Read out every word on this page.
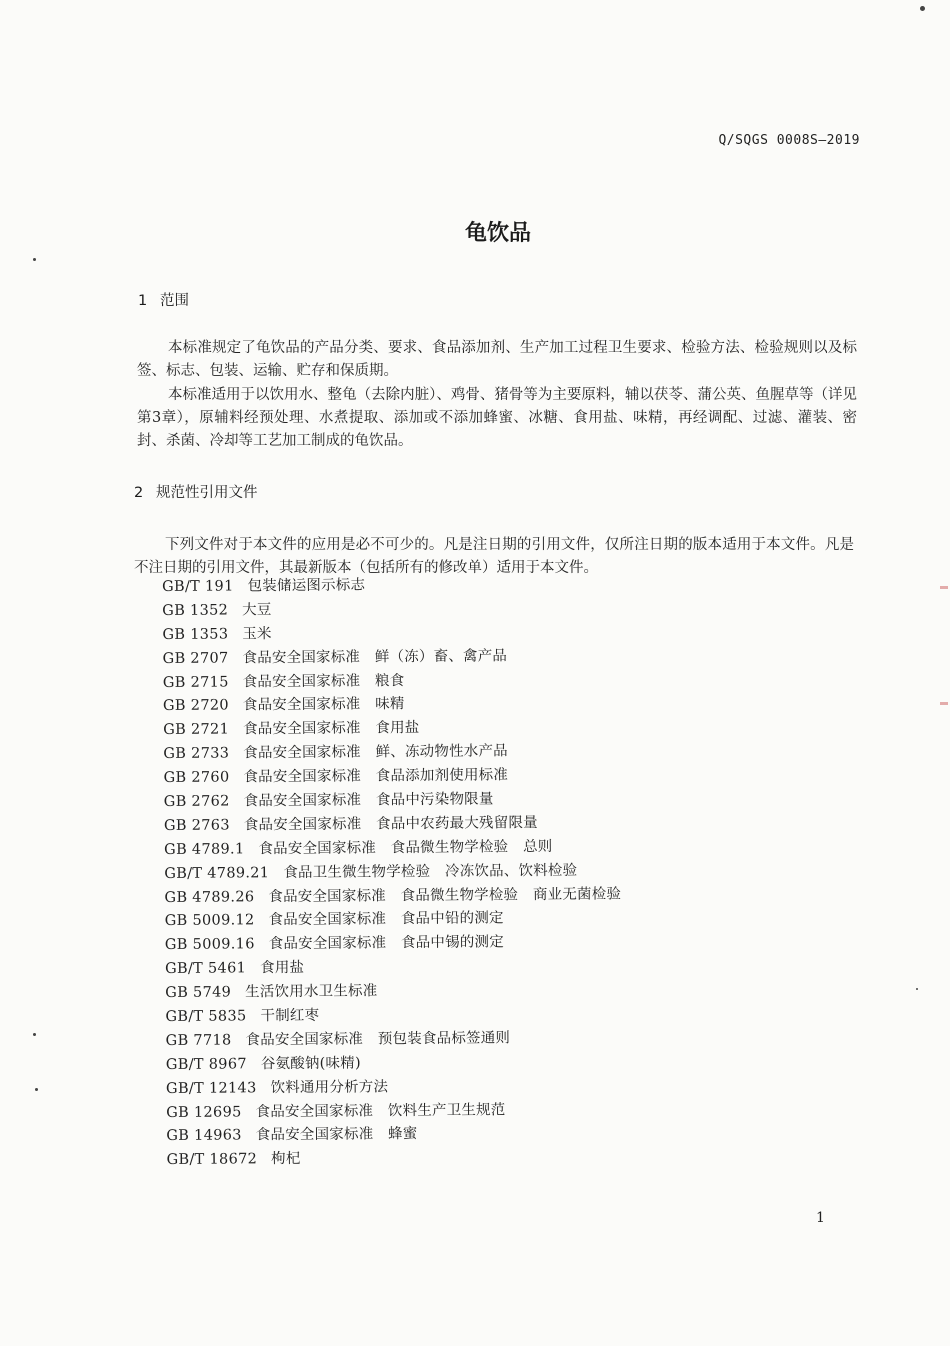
Q/SQGS 0008S—2019
龟饮品
1 范围
本标准规定了龟饮品的产品分类、要求、食品添加剂、生产加工过程卫生要求、检验方法、检验规则以及标签、标志、包装、运输、贮存和保质期。
本标准适用于以饮用水、整龟（去除内脏）、鸡骨、猪骨等为主要原料，辅以茯苓、蒲公英、鱼腥草等（详见第3章），原辅料经预处理、水煮提取、添加或不添加蜂蜜、冰糖、食用盐、味精，再经调配、过滤、灌装、密封、杀菌、冷却等工艺加工制成的龟饮品。
2 规范性引用文件
下列文件对于本文件的应用是必不可少的。凡是注日期的引用文件，仅所注日期的版本适用于本文件。凡是不注日期的引用文件，其最新版本（包括所有的修改单）适用于本文件。
GB/T 191 包装储运图示标志
GB 1352 大豆
GB 1353 玉米
GB 2707 食品安全国家标准　鲜（冻）畜、禽产品
GB 2715 食品安全国家标准　粮食
GB 2720 食品安全国家标准　味精
GB 2721 食品安全国家标准　食用盐
GB 2733 食品安全国家标准　鲜、冻动物性水产品
GB 2760 食品安全国家标准　食品添加剂使用标准
GB 2762 食品安全国家标准　食品中污染物限量
GB 2763 食品安全国家标准　食品中农药最大残留限量
GB 4789.1 食品安全国家标准　食品微生物学检验　总则
GB/T 4789.21 食品卫生微生物学检验　冷冻饮品、饮料检验
GB 4789.26 食品安全国家标准　食品微生物学检验　商业无菌检验
GB 5009.12 食品安全国家标准　食品中铅的测定
GB 5009.16 食品安全国家标准　食品中锡的测定
GB/T 5461 食用盐
GB 5749 生活饮用水卫生标准
GB/T 5835 干制红枣
GB 7718 食品安全国家标准　预包装食品标签通则
GB/T 8967 谷氨酸钠(味精)
GB/T 12143 饮料通用分析方法
GB 12695 食品安全国家标准　饮料生产卫生规范
GB 14963 食品安全国家标准　蜂蜜
GB/T 18672 枸杞
1
